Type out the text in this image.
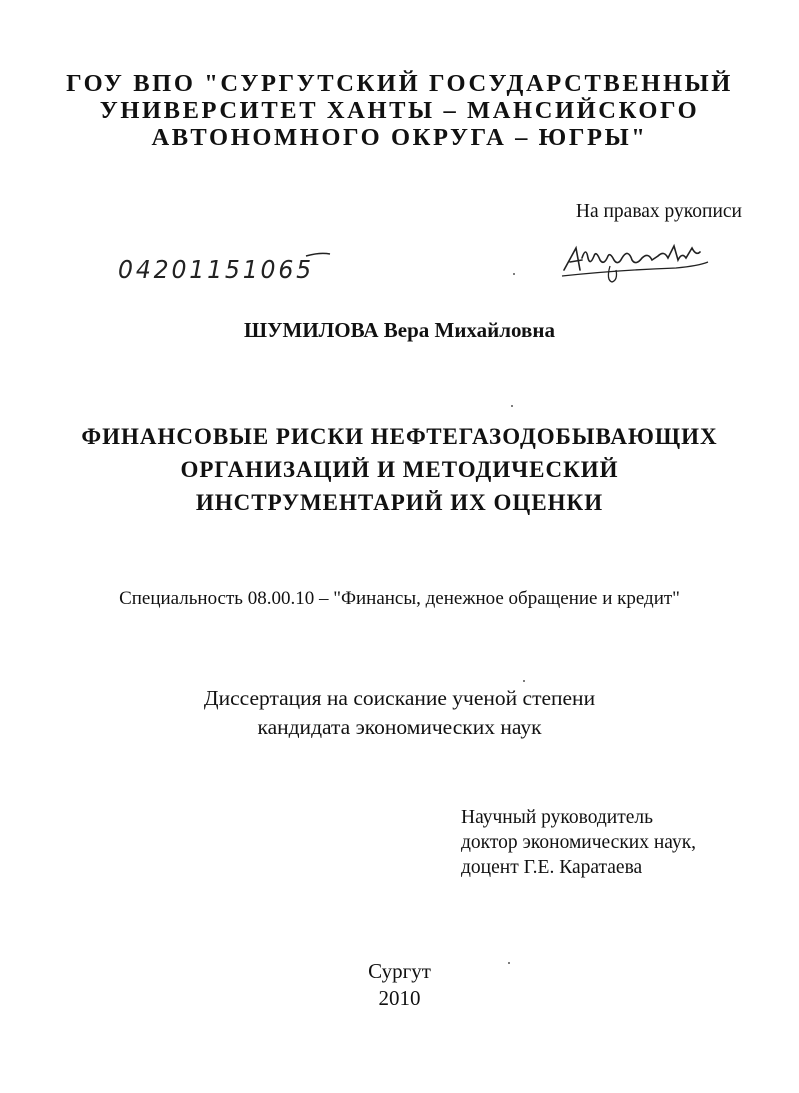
ГОУ ВПО "СУРГУТСКИЙ ГОСУДАРСТВЕННЫЙ
УНИВЕРСИТЕТ ХАНТЫ – МАНСИЙСКОГО
АВТОНОМНОГО ОКРУГА – ЮГРЫ"
На правах рукописи
04201151065
ШУМИЛОВА Вера Михайловна
ФИНАНСОВЫЕ РИСКИ НЕФТЕГАЗОДОБЫВАЮЩИХ
ОРГАНИЗАЦИЙ И МЕТОДИЧЕСКИЙ
ИНСТРУМЕНТАРИЙ ИХ ОЦЕНКИ
Специальность 08.00.10 – "Финансы, денежное обращение и кредит"
Диссертация на соискание ученой степени
кандидата экономических наук
Научный руководитель
доктор экономических наук,
доцент Г.Е. Каратаева
Сургут
2010
